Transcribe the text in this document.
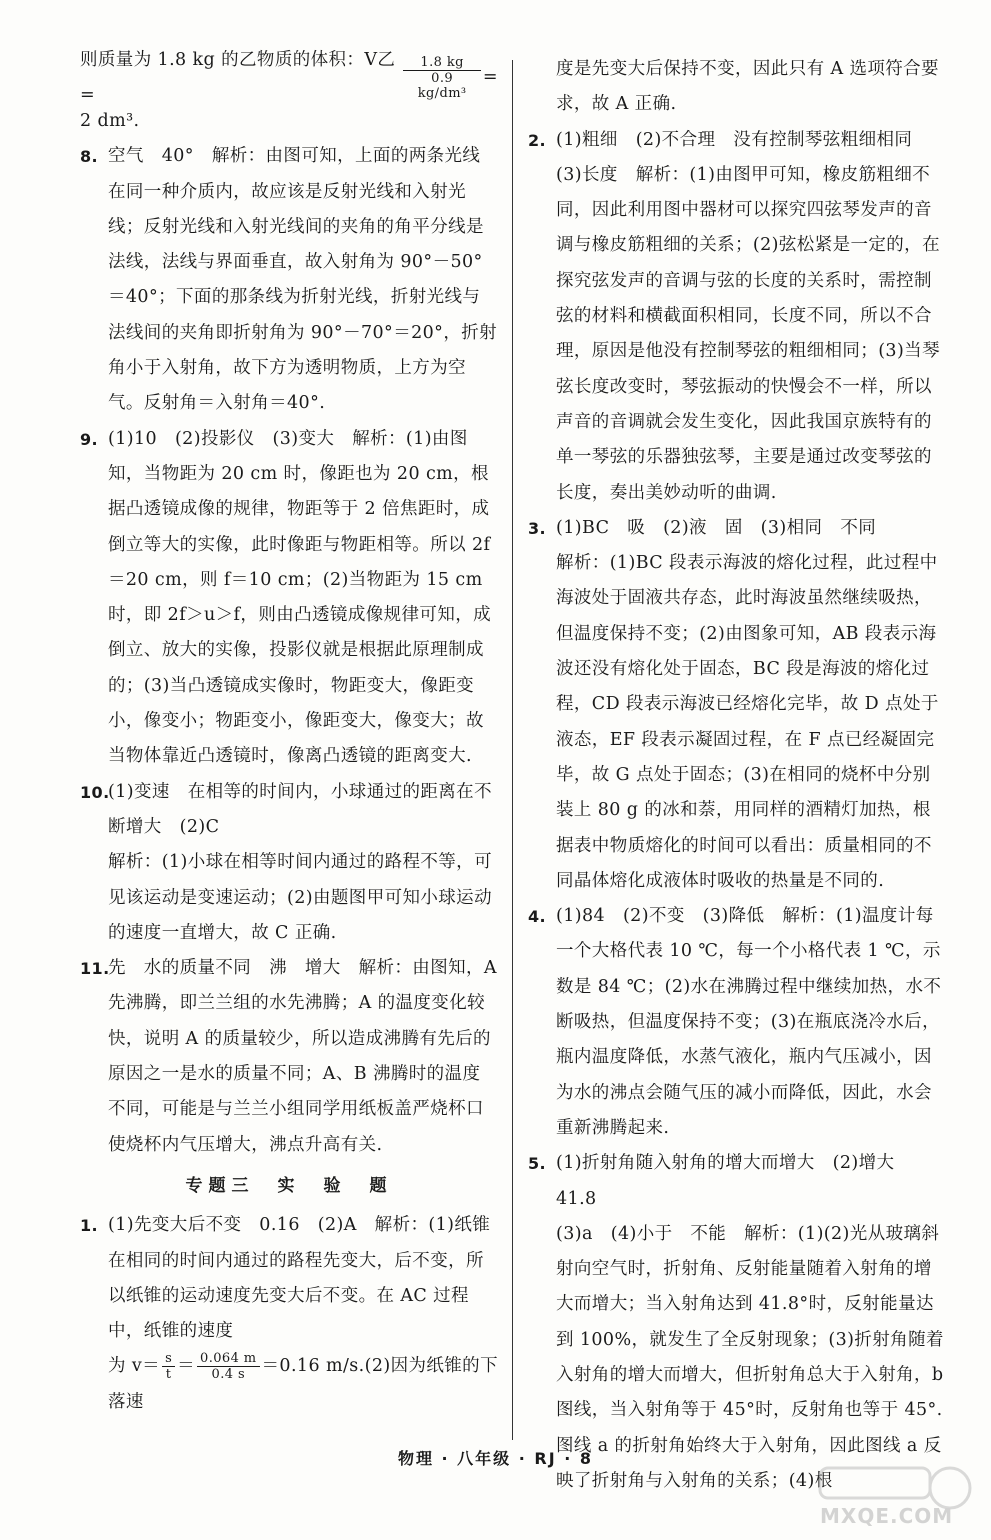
则质量为 1.8 kg 的乙物质的体积：V乙 =	$\frac{1.8 kg}{\text{0.9 kg/dm³}}$ =

2 dm³.

8. 空气　40°　解析：由图可知，上面的两条光线在同一种介质内，故应该是反射光线和入射光线；反射光线和入射光线间的夹角的角平分线是法线，法线与界面垂直，故入射角为 90°－50°＝40°；下面的那条线为折射光线，折射光线与法线间的夹角即折射角为 90°－70°＝20°，折射角小于入射角，故下方为透明物质，上方为空气。反射角＝入射角＝40°.
9. (1)10　(2)投影仪　(3)变大　解析：(1)由图知，当物距为 20 cm 时，像距也为 20 cm，根据凸透镜成像的规律，物距等于 2 倍焦距时，成倒立等大的实像，此时像距与物距相等。所以 2f＝20 cm，则 f＝10 cm；(2)当物距为 15 cm 时，即 2f＞u＞f，则由凸透镜成像规律可知，成倒立、放大的实像，投影仪就是根据此原理制成的；(3)当凸透镜成实像时，物距变大，像距变小，像变小；物距变小，像距变大，像变大；故当物体靠近凸透镜时，像离凸透镜的距离变大.
10.
(1)变速　在相等的时间内，小球通过的距离在不断增大　(2)C
解析：(1)小球在相等时间内通过的路程不等，可见该运动是变速运动；(2)由题图甲可知小球运动的速度一直增大，故 C 正确.
11.
先　水的质量不同　沸　增大　解析：由图知，A 先沸腾，即兰兰组的水先沸腾；A 的温度变化较快，说明 A 的质量较少，所以造成沸腾有先后的原因之一是水的质量不同；A、B 沸腾时的温度不同，可能是与兰兰小组同学用纸板盖严烧杯口使烧杯内气压增大，沸点升高有关.
专题三　实　验　题
1. (1)先变大后不变　0.16　(2)A　解析：(1)纸锥在相同的时间内通过的路程先变大，后不变，所以纸锥的运动速度先变大后不变。在 AC 过程中，纸锥的速度
为 $v= \frac{s}{t} = \frac{0.064 m}{0.4 s} =0.16$ m/s.(2)因为纸锥的下落速

度是先变大后保持不变，因此只有 A 选项符合要求，故 A 正确.

2. (1)粗细　(2)不合理　没有控制琴弦粗细相同
(3)长度　解析：(1)由图甲可知，橡皮筋粗细不同，因此利用图中器材可以探究四弦琴发声的音调与橡皮筋粗细的关系；(2)弦松紧是一定的，在探究弦发声的音调与弦的长度的关系时，需控制弦的材料和横截面积相同，长度不同，所以不合理，原因是他没有控制琴弦的粗细相同；(3)当琴弦长度改变时，琴弦振动的快慢会不一样，所以声音的音调就会发生变化，因此我国京族特有的单一琴弦的乐器独弦琴，主要是通过改变琴弦的长度，奏出美妙动听的曲调.
3. (1)BC　吸　(2)液　固　(3)相同　不同
解析：(1)BC 段表示海波的熔化过程，此过程中海波处于固液共存态，此时海波虽然继续吸热，但温度保持不变；(2)由图象可知，AB 段表示海波还没有熔化处于固态，BC 段是海波的熔化过程，CD 段表示海波已经熔化完毕，故 D 点处于液态，EF 段表示凝固过程，在 F 点已经凝固完毕，故 G 点处于固态；(3)在相同的烧杯中分别装上 80 g 的冰和萘，用同样的酒精灯加热，根据表中物质熔化的时间可以看出：质量相同的不同晶体熔化成液体时吸收的热量是不同的.
4. (1)84　(2)不变　(3)降低　解析：(1)温度计每一个大格代表 10 ℃，每一个小格代表 1 ℃，示数是 84 ℃；(2)水在沸腾过程中继续加热，水不断吸热，但温度保持不变；(3)在瓶底浇冷水后，瓶内温度降低，水蒸气液化，瓶内气压减小，因为水的沸点会随气压的减小而降低，因此，水会重新沸腾起来.
5. (1)折射角随入射角的增大而增大　(2)增大　41.8
(3)a　(4)小于　不能　解析：(1)(2)光从玻璃斜射向空气时，折射角、反射能量随着入射角的增大而增大；当入射角达到 41.8°时，反射能量达到 100%，就发生了全反射现象；(3)折射角随着入射角的增大而增大，但折射角总大于入射角，b 图线，当入射角等于 45°时，反射角也等于 45°.图线 a 的折射角始终大于入射角，因此图线 a 反映了折射角与入射角的关系；(4)根
物理 · 八年级 · RJ · 8
MXQE.COM
